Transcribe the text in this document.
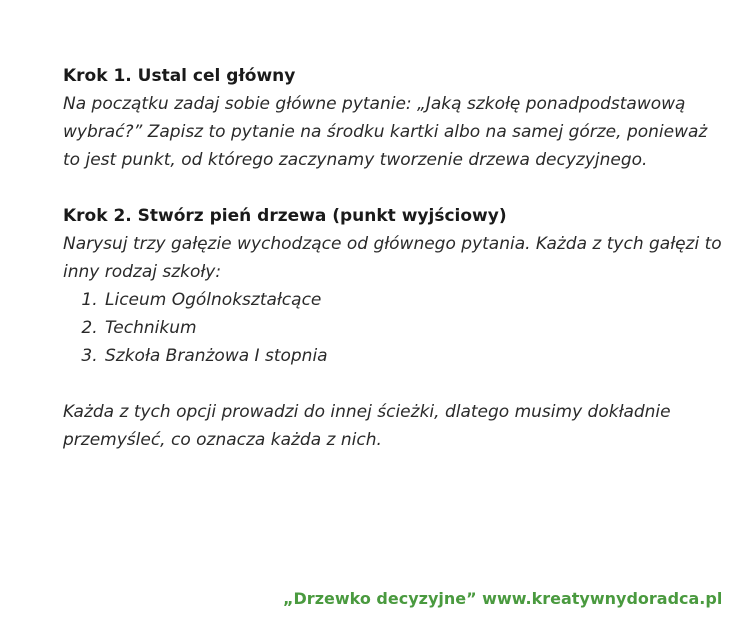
Krok 1. Ustal cel główny

Na początku zadaj sobie główne pytanie: „Jaką szkołę ponadpodstawową wybrać?” Zapisz to pytanie na środku kartki albo na samej górze, ponieważ to jest punkt, od którego zaczynamy tworzenie drzewa decyzyjnego.

Krok 2. Stwórz pień drzewa (punkt wyjściowy)

Narysuj trzy gałęzie wychodzące od głównego pytania. Każda z tych gałęzi to inny rodzaj szkoły:

1. Liceum Ogólnokształcące
2. Technikum
3. Szkoła Branżowa I stopnia

Każda z tych opcji prowadzi do innej ścieżki, dlatego musimy dokładnie przemyśleć, co oznacza każda z nich.

„Drzewko decyzyjne” www.kreatywnydoradca.pl
